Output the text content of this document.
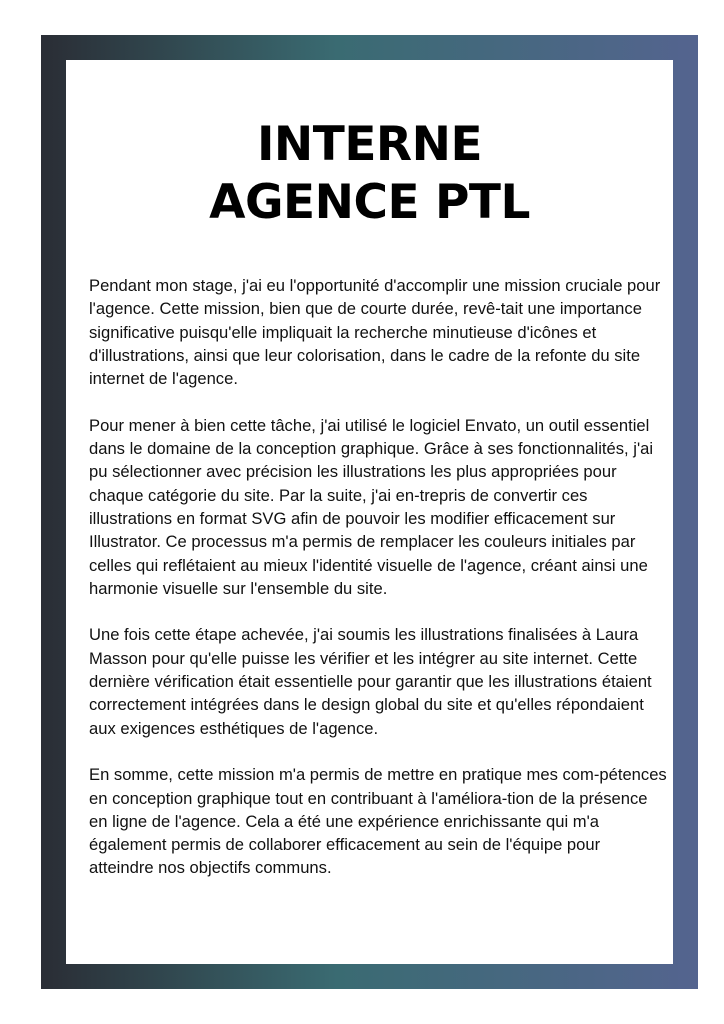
INTERNE
AGENCE PTL

Pendant mon stage, j'ai eu l'opportunité d'accomplir une mission cruciale pour l'agence. Cette mission, bien que de courte durée, revê-tait une importance significative puisqu'elle impliquait la recherche minutieuse d'icônes et d'illustrations, ainsi que leur colorisation, dans le cadre de la refonte du site internet de l'agence.

Pour mener à bien cette tâche, j'ai utilisé le logiciel Envato, un outil essentiel dans le domaine de la conception graphique. Grâce à ses fonctionnalités, j'ai pu sélectionner avec précision les illustrations les plus appropriées pour chaque catégorie du site. Par la suite, j'ai en-trepris de convertir ces illustrations en format SVG afin de pouvoir les modifier efficacement sur Illustrator. Ce processus m'a permis de remplacer les couleurs initiales par celles qui reflétaient au mieux l'identité visuelle de l'agence, créant ainsi une harmonie visuelle sur l'ensemble du site.

Une fois cette étape achevée, j'ai soumis les illustrations finalisées à Laura Masson pour qu'elle puisse les vérifier et les intégrer au site internet. Cette dernière vérification était essentielle pour garantir que les illustrations étaient correctement intégrées dans le design global du site et qu'elles répondaient aux exigences esthétiques de l'agence.

En somme, cette mission m'a permis de mettre en pratique mes com-pétences en conception graphique tout en contribuant à l'améliora-tion de la présence en ligne de l'agence. Cela a été une expérience enrichissante qui m'a également permis de collaborer efficacement au sein de l'équipe pour atteindre nos objectifs communs.
